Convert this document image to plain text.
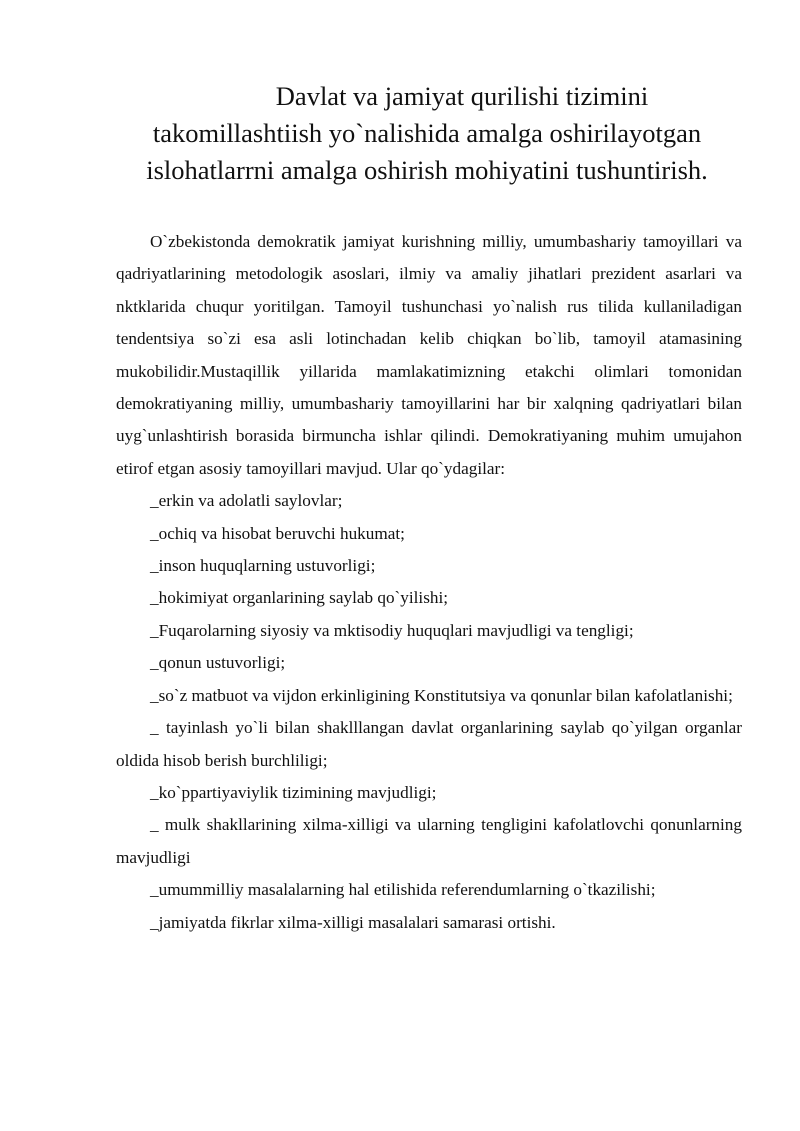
Davlat va jamiyat qurilishi tizimini
takomillashtiish yo`nalishida amalga oshirilayotgan
islohatlarrni amalga oshirish mohiyatini tushuntirish.

O`zbekistonda demokratik jamiyat kurishning milliy, umumbashariy tamoyillari va qadriyatlarining metodologik asoslari, ilmiy va amaliy jihatlari prezident asarlari va nktklarida chuqur yoritilgan. Tamoyil tushunchasi yo`nalish rus tilida kullaniladigan tendentsiya so`zi esa asli lotinchadan kelib chiqkan bo`lib, tamoyil atamasining mukobilidir.Mustaqillik yillarida mamlakatimizning etakchi olimlari tomonidan demokratiyaning milliy, umumbashariy tamoyillarini har bir xalqning qadriyatlari bilan uyg`unlashtirish borasida birmuncha ishlar qilindi. Demokratiyaning muhim umujahon etirof etgan asosiy tamoyillari mavjud. Ular qo`ydagilar:

_erkin va adolatli saylovlar;

_ochiq va hisobat beruvchi hukumat;

_inson huquqlarning ustuvorligi;

_hokimiyat organlarining saylab qo`yilishi;

_Fuqarolarning siyosiy va mktisodiy huquqlari mavjudligi va tengligi;

_qonun ustuvorligi;

_so`z matbuot va vijdon erkinligining Konstitutsiya va qonunlar bilan kafolatlanishi;

_ tayinlash yo`li bilan shaklllangan davlat organlarining saylab qo`yilgan organlar oldida hisob berish burchliligi;

_ko`ppartiyaviylik tizimining mavjudligi;

_ mulk shakllarining xilma-xilligi va ularning tengligini kafolatlovchi qonunlarning mavjudligi

_umummilliy masalalarning hal etilishida referendumlarning o`tkazilishi;

_jamiyatda fikrlar xilma-xilligi masalalari samarasi ortishi.
